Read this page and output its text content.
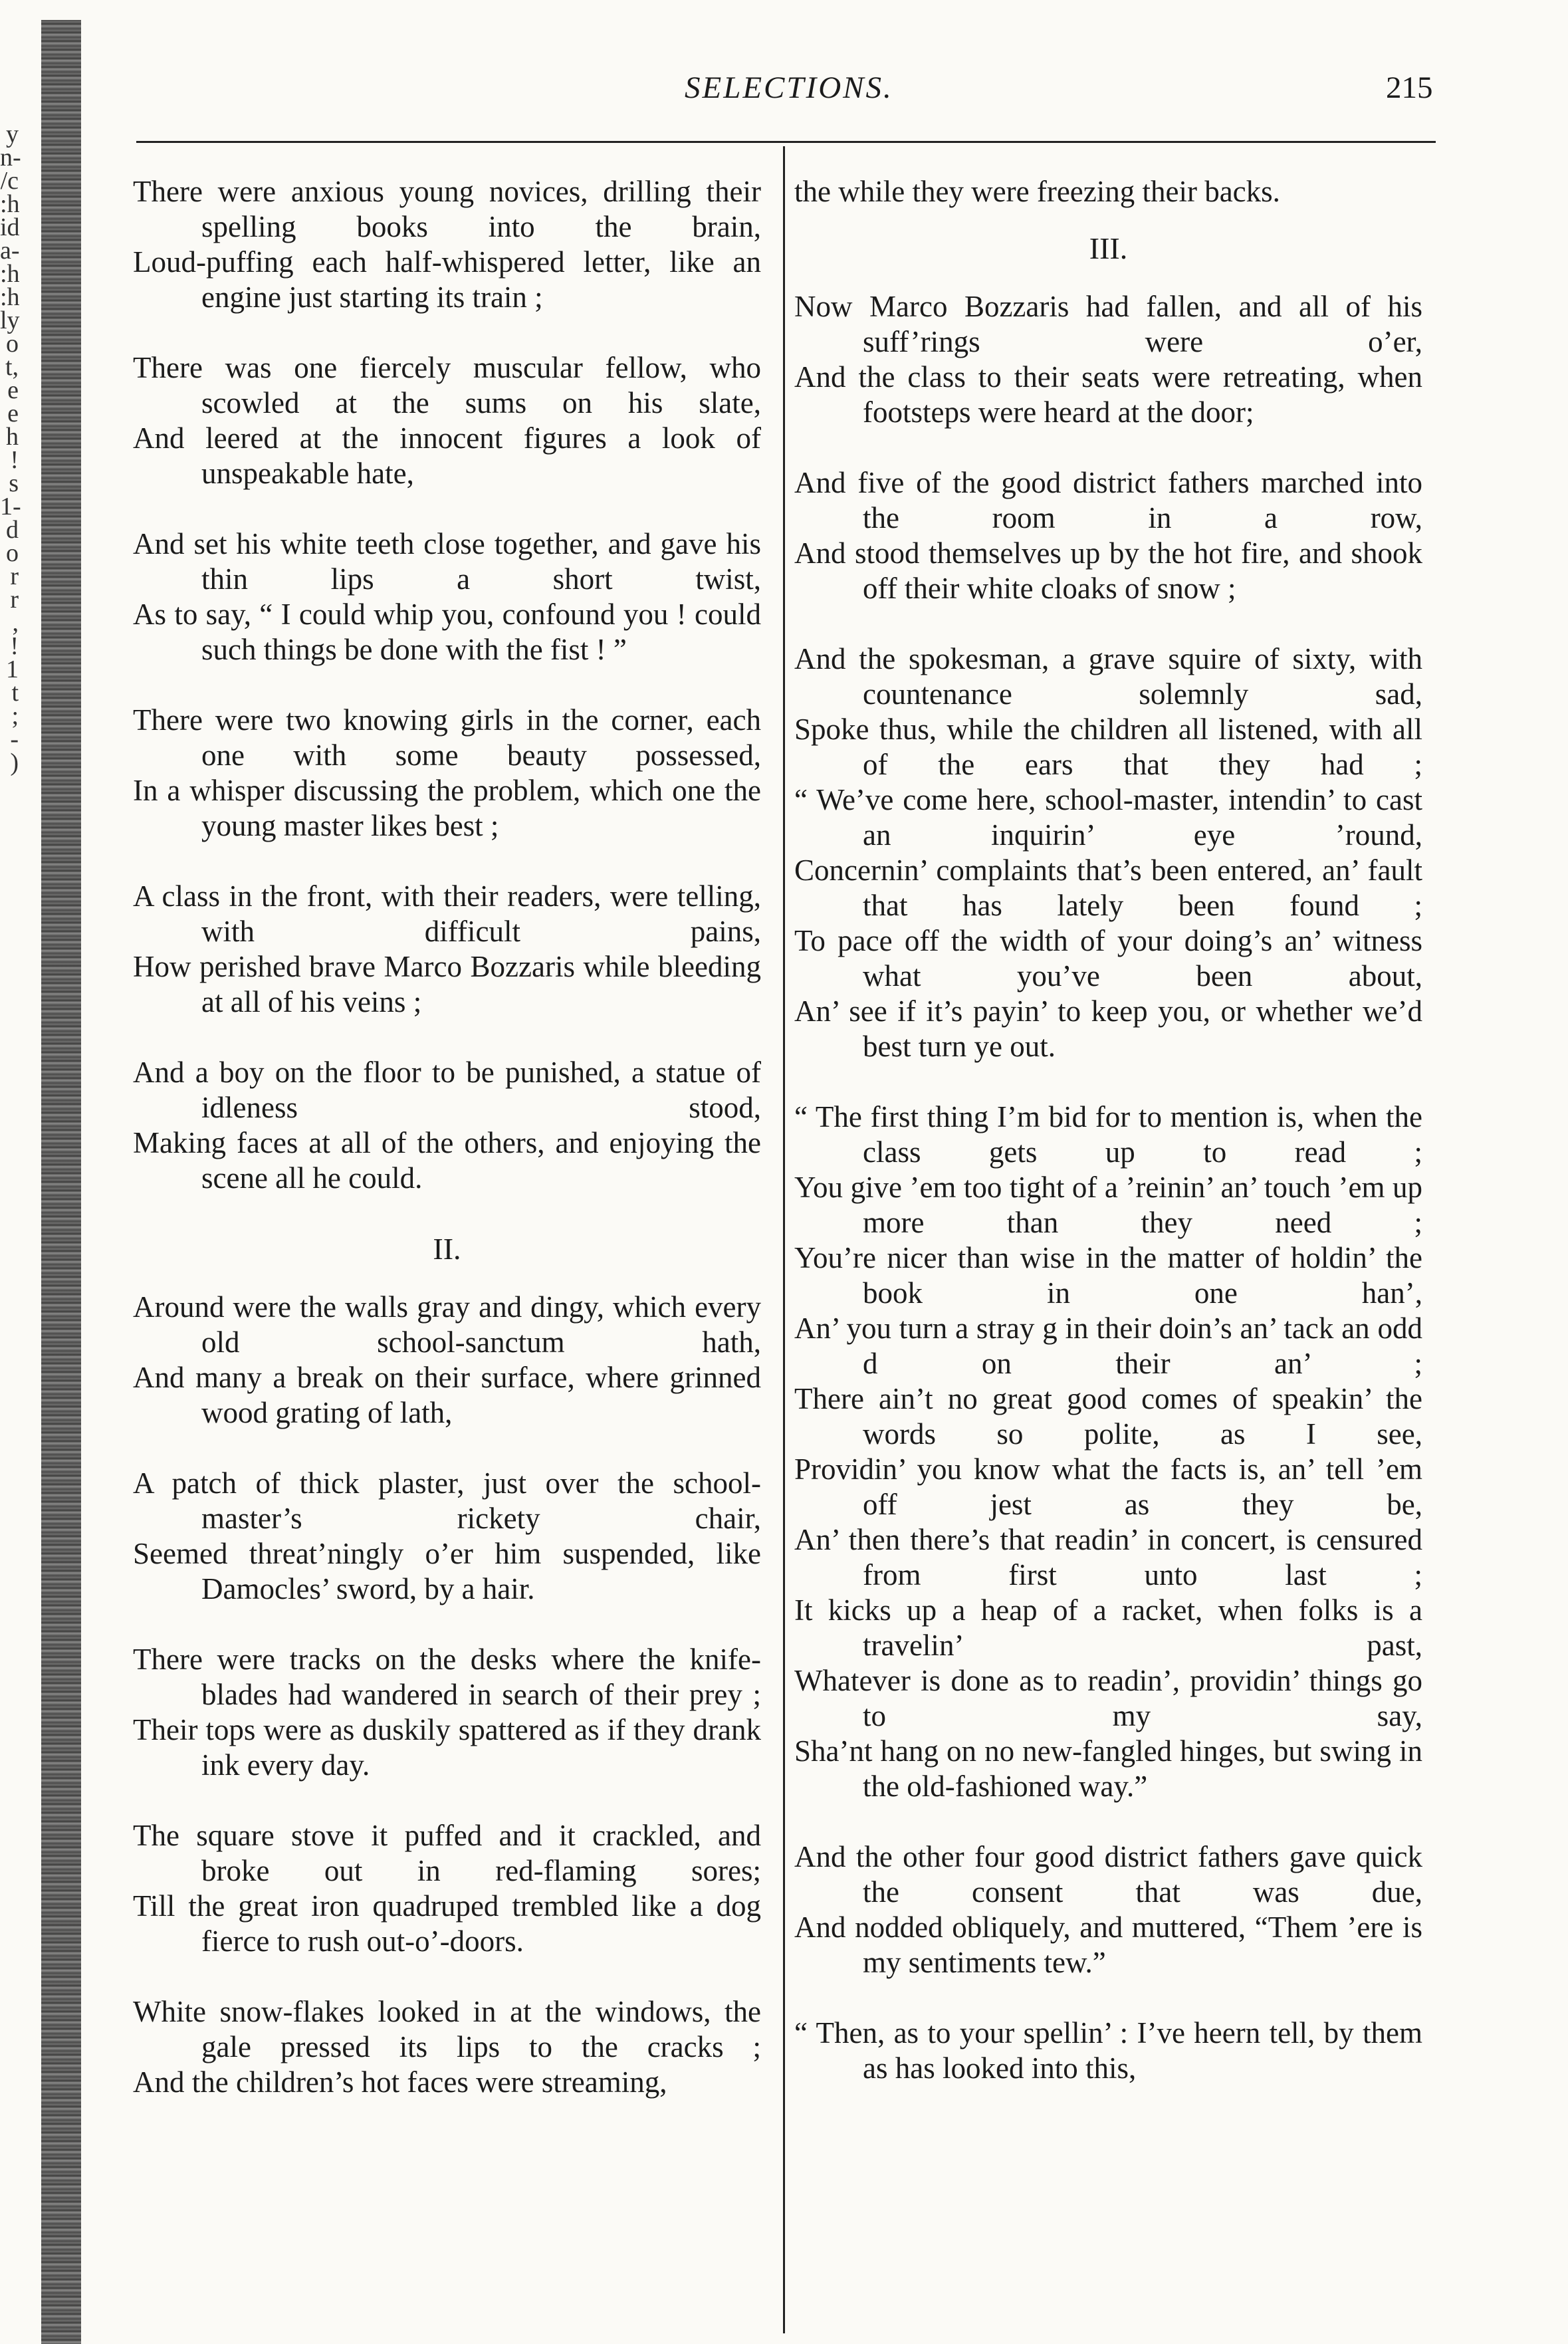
y
n-
/c
:h
id
a-
:h
:h
ly
o
t,
e
e
h
!
s
1-
d
o
r
r
,
!
1
t
;
-
)
SELECTIONS.	215
There were anxious young novices, drilling their spelling books into the brain,
Loud-puffing each half-whispered letter, like an engine just starting its train ;
There was one fiercely muscular fellow, who scowled at the sums on his slate,
And leered at the innocent figures a look of unspeakable hate,
And set his white teeth close together, and gave his thin lips a short twist,
As to say, “ I could whip you, confound you ! could such things be done with the fist ! ”
There were two knowing girls in the corner, each one with some beauty possessed,
In a whisper discussing the problem, which one the young master likes best ;
A class in the front, with their readers, were telling, with difficult pains,
How perished brave Marco Bozzaris while bleeding at all of his veins ;
And a boy on the floor to be punished, a statue of idleness stood,
Making faces at all of the others, and enjoying the scene all he could.
II.
Around were the walls gray and dingy, which every old school-sanctum hath,
And many a break on their surface, where grinned wood grating of lath,
A patch of thick plaster, just over the school-master’s rickety chair,
Seemed threat’ningly o’er him suspended, like Damocles’ sword, by a hair.
There were tracks on the desks where the knife-blades had wandered in search of their prey ;
Their tops were as duskily spattered as if they drank ink every day.
The square stove it puffed and it crackled, and broke out in red-flaming sores;
Till the great iron quadruped trembled like a dog fierce to rush out-o’-doors.
White snow-flakes looked in at the windows, the gale pressed its lips to the cracks ;
And the children’s hot faces were streaming,
the while they were freezing their backs.
III.
Now Marco Bozzaris had fallen, and all of his suff’rings were o’er,
And the class to their seats were retreating, when footsteps were heard at the door;
And five of the good district fathers marched into the room in a row,
And stood themselves up by the hot fire, and shook off their white cloaks of snow ;
And the spokesman, a grave squire of sixty, with countenance solemnly sad,
Spoke thus, while the children all listened, with all of the ears that they had ;
“ We’ve come here, school-master, intendin’ to cast an inquirin’ eye ’round,
Concernin’ complaints that’s been entered, an’ fault that has lately been found ;
To pace off the width of your doing’s an’ witness what you’ve been about,
An’ see if it’s payin’ to keep you, or whether we’d best turn ye out.
“ The first thing I’m bid for to mention is, when the class gets up to read ;
You give ’em too tight of a ’reinin’ an’ touch ’em up more than they need ;
You’re nicer than wise in the matter of holdin’ the book in one han’,
An’ you turn a stray g in their doin’s an’ tack an odd d on their an’ ;
There ain’t no great good comes of speakin’ the words so polite, as I see,
Providin’ you know what the facts is, an’ tell ’em off jest as they be,
An’ then there’s that readin’ in concert, is censured from first unto last ;
It kicks up a heap of a racket, when folks is a travelin’ past,
Whatever is done as to readin’, providin’ things go to my say,
Sha’nt hang on no new-fangled hinges, but swing in the old-fashioned way.”
And the other four good district fathers gave quick the consent that was due,
And nodded obliquely, and muttered, “Them ’ere is my sentiments tew.”
“ Then, as to your spellin’ : I’ve heern tell, by them as has looked into this,
